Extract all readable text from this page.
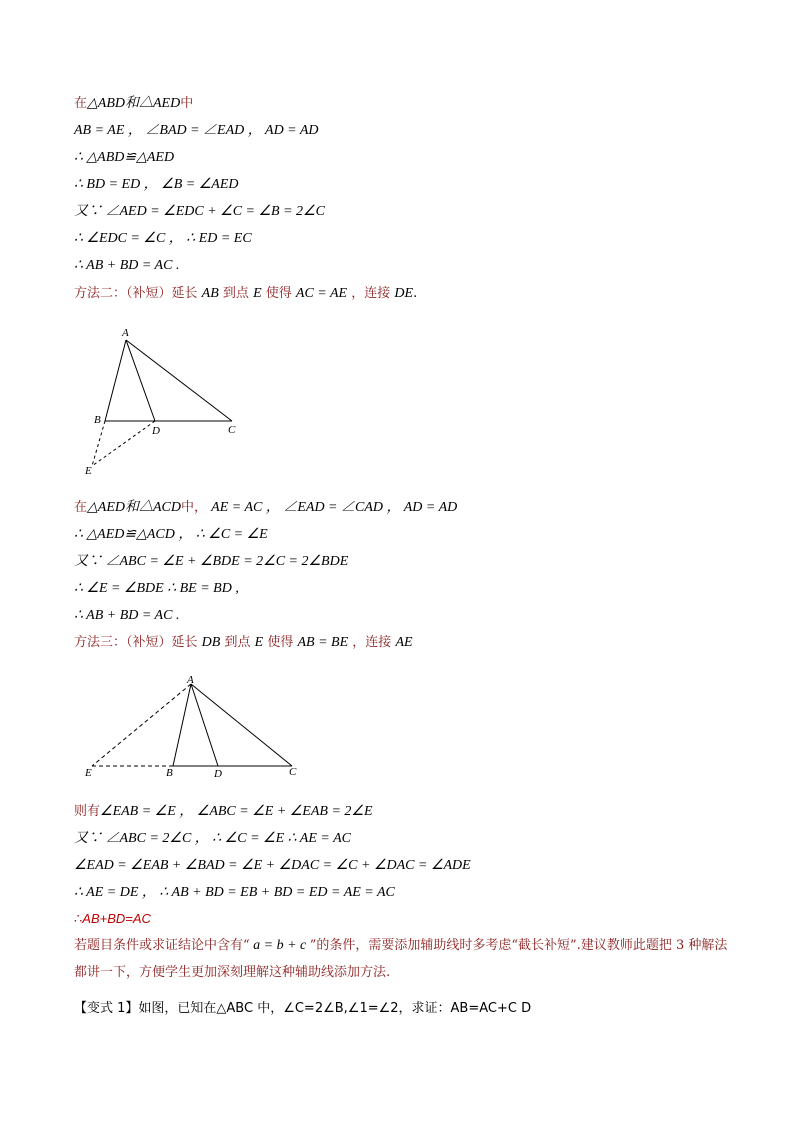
在△ABD和△AED中
AB = AE ， ∠BAD = ∠EAD ， AD = AD
∴ △ABD≌△AED
∴ BD = ED ， ∠B = ∠AED
又∵ ∠AED = ∠EDC + ∠C = ∠B = 2∠C
∴ ∠EDC = ∠C ， ∴ ED = EC
∴ AB + BD = AC .
方法二：（补短）延长 AB 到点 E 使得 AC = AE ，连接 DE.
A
B
D	C
E
在△AED和△ACD中， AE = AC ， ∠EAD = ∠CAD ， AD = AD
∴ △AED≌△ACD ， ∴ ∠C = ∠E
又∵ ∠ABC = ∠E + ∠BDE = 2∠C = 2∠BDE
∴ ∠E = ∠BDE ∴ BE = BD ,
∴ AB + BD = AC .
方法三：（补短）延长 DB 到点 E 使得 AB = BE ，连接 AE
A
E	B	D	C
则有∠EAB = ∠E ， ∠ABC = ∠E + ∠EAB = 2∠E
又∵ ∠ABC = 2∠C ， ∴ ∠C = ∠E ∴ AE = AC
∠EAD = ∠EAB + ∠BAD = ∠E + ∠DAC = ∠C + ∠DAC = ∠ADE
∴ AE = DE ， ∴ AB + BD = EB + BD = ED = AE = AC
∴AB+BD=AC
若题目条件或求证结论中含有“ a = b + c ”的条件，需要添加辅助线时多考虑“截长补短”.建议教师此题把 3 种解法都讲一下，方便学生更加深刻理解这种辅助线添加方法.
【变式 1】如图，已知在△ABC 中，∠C=2∠B,∠1=∠2，求证：AB=AC+C D
